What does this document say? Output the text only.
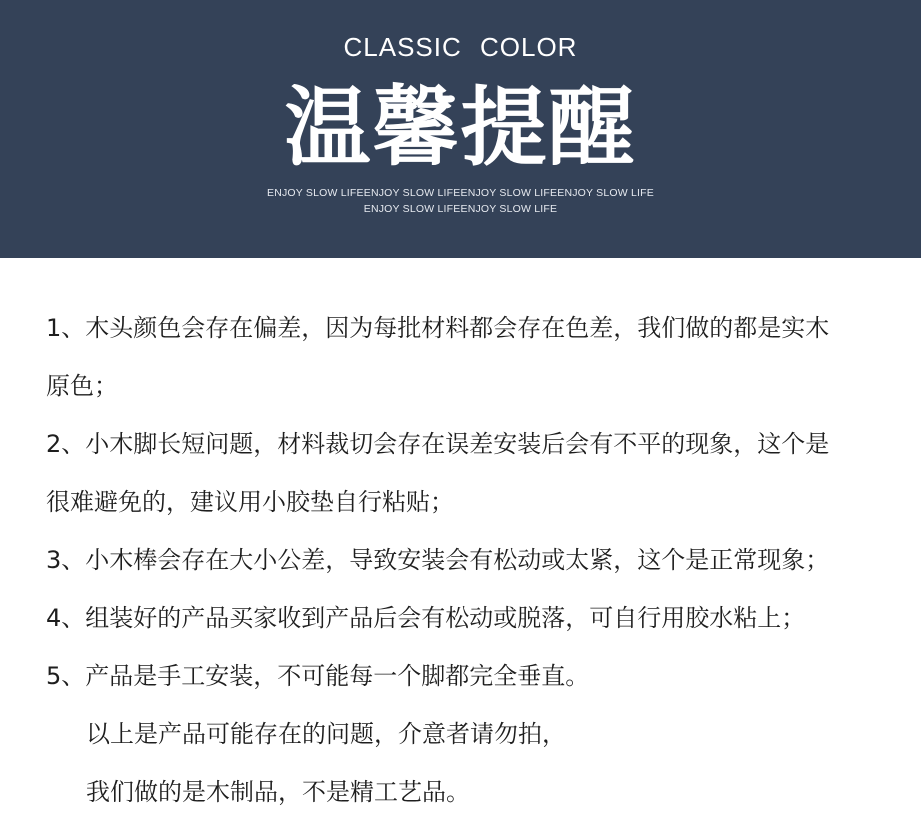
CLASSIC COLOR
温馨提醒
ENJOY SLOW LIFEENJOY SLOW LIFEENJOY SLOW LIFEENJOY SLOW LIFE
ENJOY SLOW LIFEENJOY SLOW LIFE
1、木头颜色会存在偏差，因为每批材料都会存在色差，我们做的都是实木
原色；
2、小木脚长短问题，材料裁切会存在误差安装后会有不平的现象，这个是
很难避免的，建议用小胶垫自行粘贴；
3、小木棒会存在大小公差，导致安装会有松动或太紧，这个是正常现象；
4、组装好的产品买家收到产品后会有松动或脱落，可自行用胶水粘上；
5、产品是手工安装，不可能每一个脚都完全垂直。
以上是产品可能存在的问题，介意者请勿拍，
我们做的是木制品，不是精工艺品。
